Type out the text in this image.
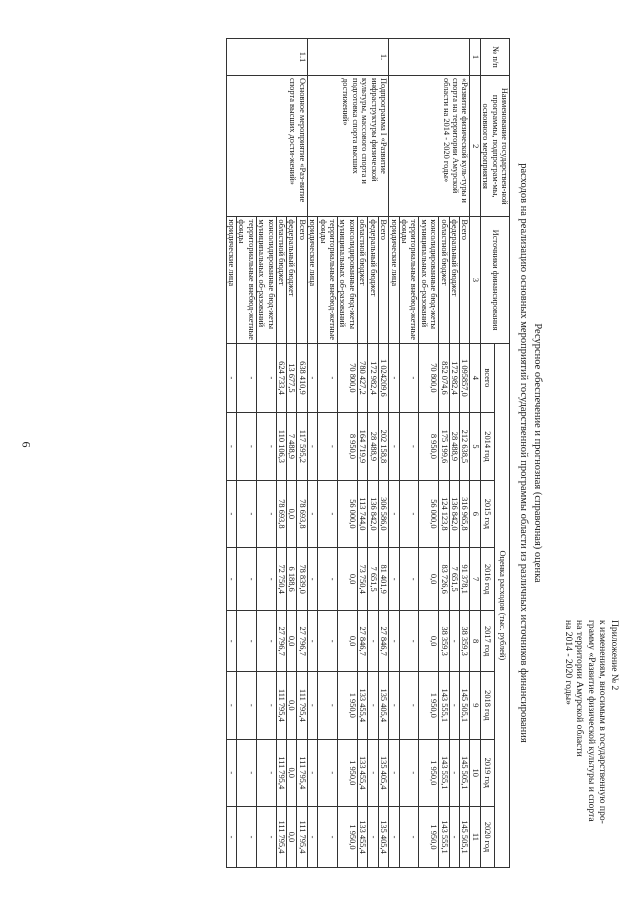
6
Приложение № 2
к изменениям, вносимым в государственную про-
грамму «Развитие физической культуры и спорта
на территории Амурской области
на 2014 - 2020 годы»
Ресурсное обеспечение и прогнозная (справочная) оценка
расходов на реализацию основных мероприятий государственной программы области из различных источников финансирования
№ п/п	Наименование государствен-ной программы, подпрограм-мы, основного мероприятия	Источники финансирования	Оценка расходов (тыс. рублей)							
			всего	2014 год	2015 год	2016 год	2017 год	2018 год	2019 год	2020 год
1	2	3	4	5	6	7	8	9	10	11
	«Развитие физической куль-туры и спорта на территории Амурской области на 2014 - 2020 годы»	Всего	1 095857,0	212 638,5	316 965,8	91 378,1	38 359,3	145 505,1	145 505,1	145 505,1
		федеральный бюджет	172 982,4	28 488,9	136 842,0	7 651,5	-	-	-	-
		областной бюджет	852 074,6	175 199,6	124 123,8	83 726,6	38 359,3	143 555,1	143 555,1	143 555,1
		консолидированные бюд-жеты муниципальных об-разований	70 800,0	8 950,0	56 000,0	0,0	0,0	1 950,0	1 950,0	1 950,0
		территориальные внебюд-жетные фонды	-	-	-	-	-	-	-	-
		юридические лица	-	-	-	-	-	-	-	-
1.	Подпрограмма I «Развитие инфраструктуры физической культуры, массового спорта и подготовка спорта высших достижений»	Всего	1 024209,6	202 158,8	306 586,0	81 401,9	27 846,7	135 405,4	135 405,4	135 405,4
		федеральный бюджет	172 982,4	28 488,9	136 842,0	7 651,5	-	-	-	-
		областной бюджет	780 427,2	164 719,9	113 744,0	73 750,4	27 846,7	133 455,4	133 455,4	133 455,4
		консолидированные бюд-жеты муниципальных об-разований	70 800,0	8 950,0	56 000,0	0,0	0,0	1 950,0	1 950,0	1 950,0
		территориальные внебюд-жетные фонды	-	-	-	-	-	-	-	-
		юридические лица	-	-	-	-	-	-	-	-
1.1	Основное мероприятие «Раз-витие спорта высших дости-жений»	Всего	638 410,9	117 595,2	78 693,8	78 839,0	27 796,7	111 795,4	111 795,4	111 795,4
		федеральный бюджет	13 677,5	7 488,9	0,0	6 188,6	0,0	0,0	0,0	0,0
		областной бюджет	624 733,4	110 106,3	78 693,8	72 750,4	27 796,7	111 795,4	111 795,4	111 795,4
		консолидированные бюд-жеты муниципальных об-разований	-	-	-	-	-	-	-	-
		территориальные внебюд-жетные фонды	-	-	-	-	-	-	-	-
		юридические лица	-	-	-	-	-	-	-	-
